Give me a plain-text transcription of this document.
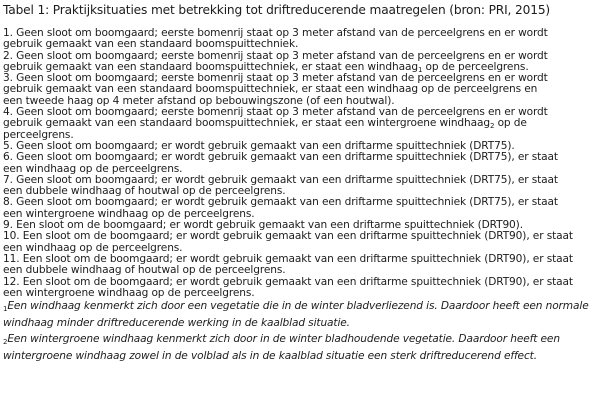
Tabel 1: Praktijksituaties met betrekking tot driftreducerende maatregelen (bron: PRI, 2015)
1. Geen sloot om boomgaard; eerste bomenrij staat op 3 meter afstand van de perceelgrens en er wordt
gebruik gemaakt van een standaard boomspuittechniek.
2. Geen sloot om boomgaard; eerste bomenrij staat op 3 meter afstand van de perceelgrens en er wordt
gebruik gemaakt van een standaard boomspuittechniek, er staat een windhaag1 op de perceelgrens.
3. Geen sloot om boomgaard; eerste bomenrij staat op 3 meter afstand van de perceelgrens en er wordt
gebruik gemaakt van een standaard boomspuittechniek, er staat een windhaag op de perceelgrens en
een tweede haag op 4 meter afstand op bebouwingszone (of een houtwal).
4. Geen sloot om boomgaard; eerste bomenrij staat op 3 meter afstand van de perceelgrens en er wordt
gebruik gemaakt van een standaard boomspuittechniek, er staat een wintergroene windhaag2 op de
perceelgrens.
5. Geen sloot om boomgaard; er wordt gebruik gemaakt van een driftarme spuittechniek (DRT75).
6. Geen sloot om boomgaard; er wordt gebruik gemaakt van een driftarme spuittechniek (DRT75), er staat
een windhaag op de perceelgrens.
7. Geen sloot om boomgaard; er wordt gebruik gemaakt van een driftarme spuittechniek (DRT75), er staat
een dubbele windhaag of houtwal op de perceelgrens.
8. Geen sloot om boomgaard; er wordt gebruik gemaakt van een driftarme spuittechniek (DRT75), er staat
een wintergroene windhaag op de perceelgrens.
9. Een sloot om de boomgaard; er wordt gebruik gemaakt van een driftarme spuittechniek (DRT90).
10. Een sloot om de boomgaard; er wordt gebruik gemaakt van een driftarme spuittechniek (DRT90), er staat
een windhaag op de perceelgrens.
11. Een sloot om de boomgaard; er wordt gebruik gemaakt van een driftarme spuittechniek (DRT90), er staat
een dubbele windhaag of houtwal op de perceelgrens.
12. Een sloot om de boomgaard; er wordt gebruik gemaakt van een driftarme spuittechniek (DRT90), er staat
een wintergroene windhaag op de perceelgrens.
1Een windhaag kenmerkt zich door een vegetatie die in de winter bladverliezend is. Daardoor heeft een normale
windhaag minder driftreducerende werking in de kaalblad situatie.
2Een wintergroene windhaag kenmerkt zich door in de winter bladhoudende vegetatie. Daardoor heeft een
wintergroene windhaag zowel in de volblad als in de kaalblad situatie een sterk driftreducerend effect.
